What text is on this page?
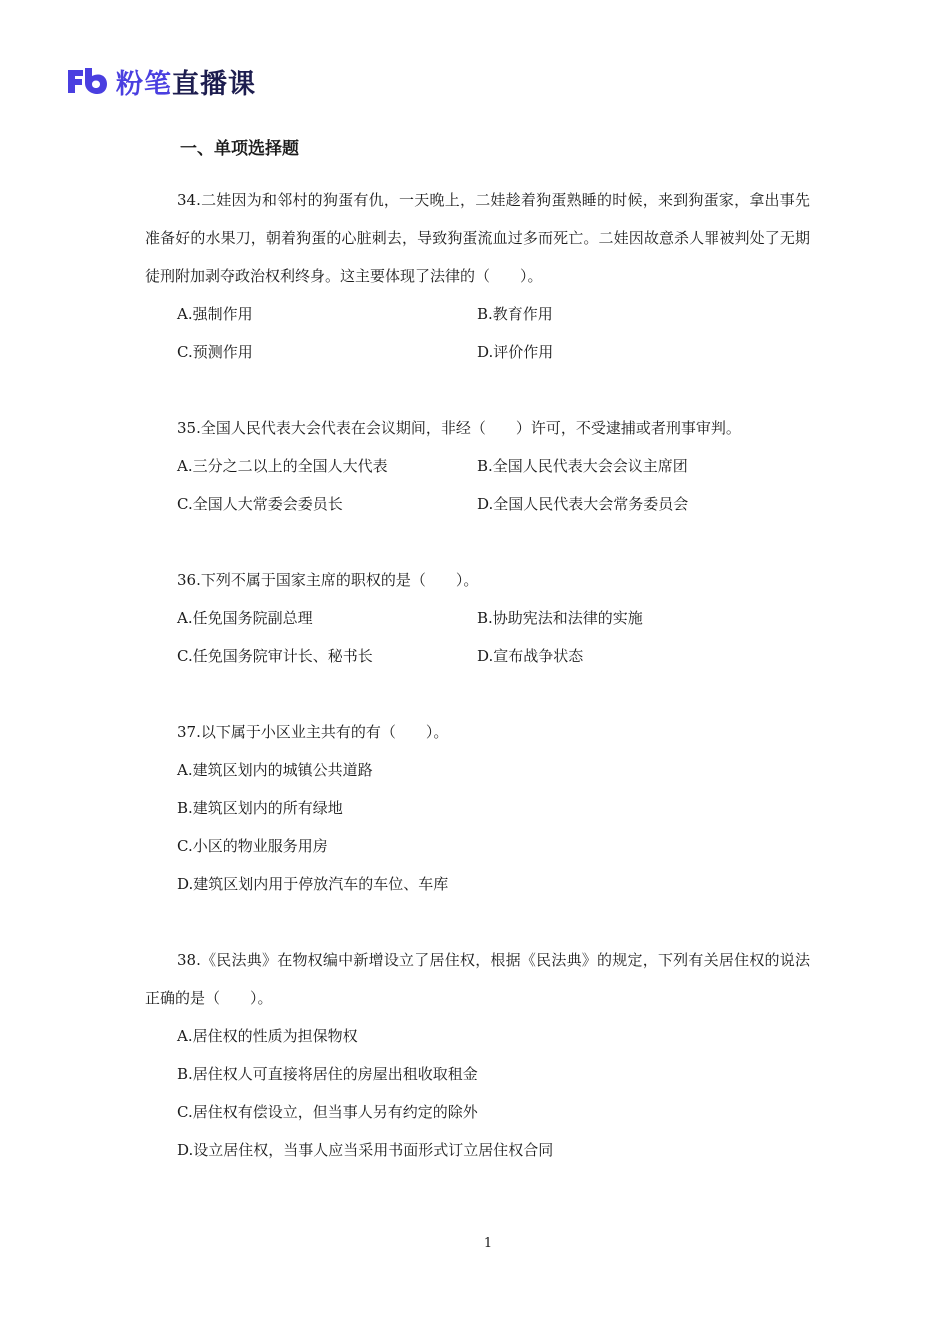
粉笔直播课
一、单项选择题

34.二娃因为和邻村的狗蛋有仇，一天晚上，二娃趁着狗蛋熟睡的时候，来到狗蛋家，拿出事先准备好的水果刀，朝着狗蛋的心脏刺去，导致狗蛋流血过多而死亡。二娃因故意杀人罪被判处了无期徒刑附加剥夺政治权利终身。这主要体现了法律的（　　）。

A.强制作用	B.教育作用
C.预测作用	D.评价作用

35.全国人民代表大会代表在会议期间，非经（　　）许可，不受逮捕或者刑事审判。

A.三分之二以上的全国人大代表	B.全国人民代表大会会议主席团
C.全国人大常委会委员长	D.全国人民代表大会常务委员会

36.下列不属于国家主席的职权的是（　　）。

A.任免国务院副总理	B.协助宪法和法律的实施
C.任免国务院审计长、秘书长	D.宣布战争状态

37.以下属于小区业主共有的有（　　）。

A.建筑区划内的城镇公共道路
B.建筑区划内的所有绿地
C.小区的物业服务用房
D.建筑区划内用于停放汽车的车位、车库

38.《民法典》在物权编中新增设立了居住权，根据《民法典》的规定，下列有关居住权的说法正确的是（　　）。

A.居住权的性质为担保物权
B.居住权人可直接将居住的房屋出租收取租金
C.居住权有偿设立，但当事人另有约定的除外
D.设立居住权，当事人应当采用书面形式订立居住权合同
1
